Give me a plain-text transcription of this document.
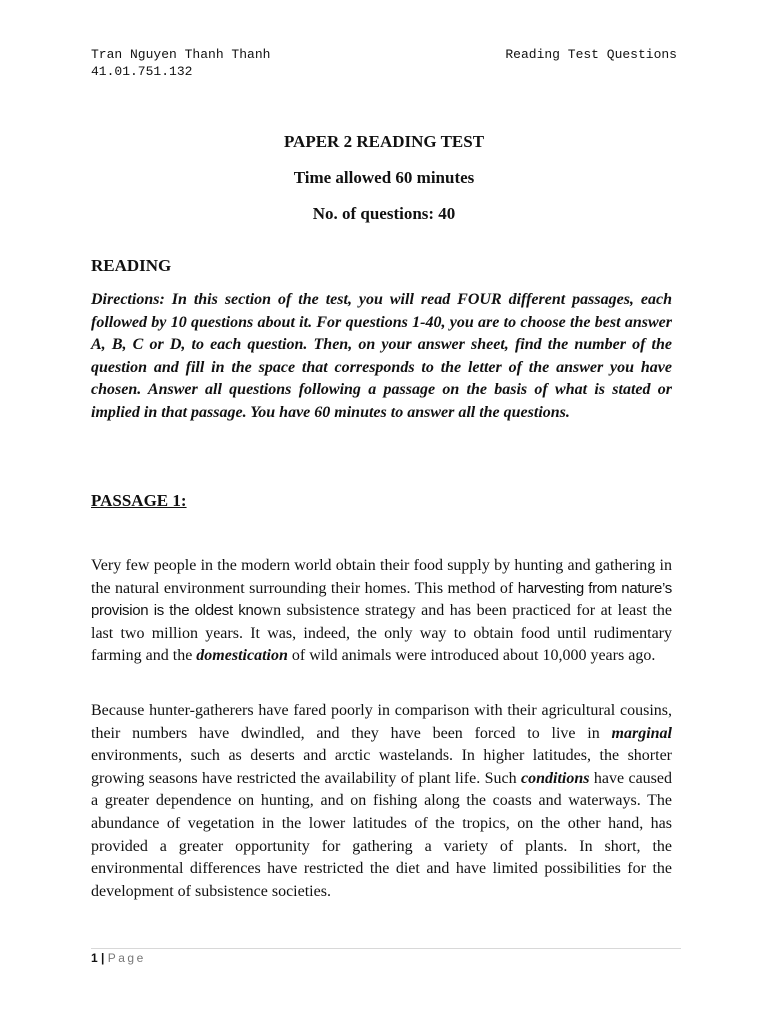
Tran Nguyen Thanh Thanh
41.01.751.132
Reading Test Questions
PAPER 2 READING TEST
Time allowed 60 minutes
No. of questions: 40
READING

Directions: In this section of the test, you will read FOUR different passages, each followed by 10 questions about it. For questions 1-40, you are to choose the best answer A, B, C or D, to each question. Then, on your answer sheet, find the number of the question and fill in the space that corresponds to the letter of the answer you have chosen. Answer all questions following a passage on the basis of what is stated or implied in that passage. You have 60 minutes to answer all the questions.

PASSAGE 1:

Very few people in the modern world obtain their food supply by hunting and gathering in the natural environment surrounding their homes. This method of harvesting from nature’s provision is the oldest known subsistence strategy and has been practiced for at least the last two million years. It was, indeed, the only way to obtain food until rudimentary farming and the domestication of wild animals were introduced about 10,000 years ago.

Because hunter-gatherers have fared poorly in comparison with their agricultural cousins, their numbers have dwindled, and they have been forced to live in marginal environments, such as deserts and arctic wastelands. In higher latitudes, the shorter growing seasons have restricted the availability of plant life. Such conditions have caused a greater dependence on hunting, and on fishing along the coasts and waterways. The abundance of vegetation in the lower latitudes of the tropics, on the other hand, has provided a greater opportunity for gathering a variety of plants. In short, the environmental differences have restricted the diet and have limited possibilities for the development of subsistence societies.

1 | Page
